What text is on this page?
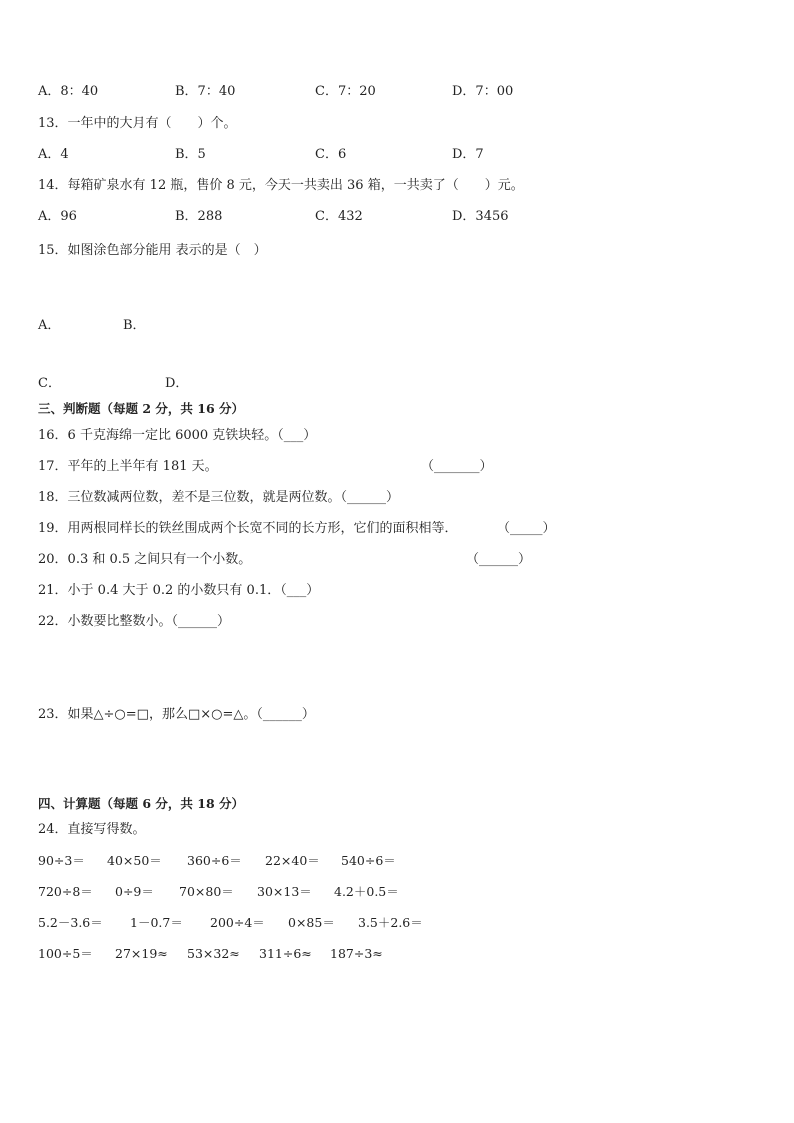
A．8：40	B．7：40	C．7：20	D．7：00
13．一年中的大月有（　　）个。
A．4	B．5	C．6	D．7
14．每箱矿泉水有 12 瓶，售价 8 元，今天一共卖出 36 箱，一共卖了（　　）元。
A．96	B．288	C．432	D．3456
15．如图涂色部分能用 表示的是（　）
A．	B．
C．	D．
三、判断题（每题 2 分，共 16 分）
16．6 千克海绵一定比 6000 克铁块轻。（___）
17．平年的上半年有 181 天。	（_______）
18．三位数减两位数，差不是三位数，就是两位数。（______）
19．用两根同样长的铁丝围成两个长宽不同的长方形，它们的面积相等．	（_____）
20．0.3 和 0.5 之间只有一个小数。	（______）
21．小于 0.4 大于 0.2 的小数只有 0.1．（___）
22．小数要比整数小。（______）
23．如果△÷○=□，那么□×○=△。（______）
四、计算题（每题 6 分，共 18 分）
24．直接写得数。
90÷3＝ 40×50＝ 360÷6＝ 22×40＝ 540÷6＝
720÷8＝ 0÷9＝ 70×80＝ 30×13＝ 4.2＋0.5＝
5.2－3.6＝ 1－0.7＝ 200÷4＝ 0×85＝ 3.5＋2.6＝
100÷5＝ 27×19≈ 53×32≈ 311÷6≈ 187÷3≈
